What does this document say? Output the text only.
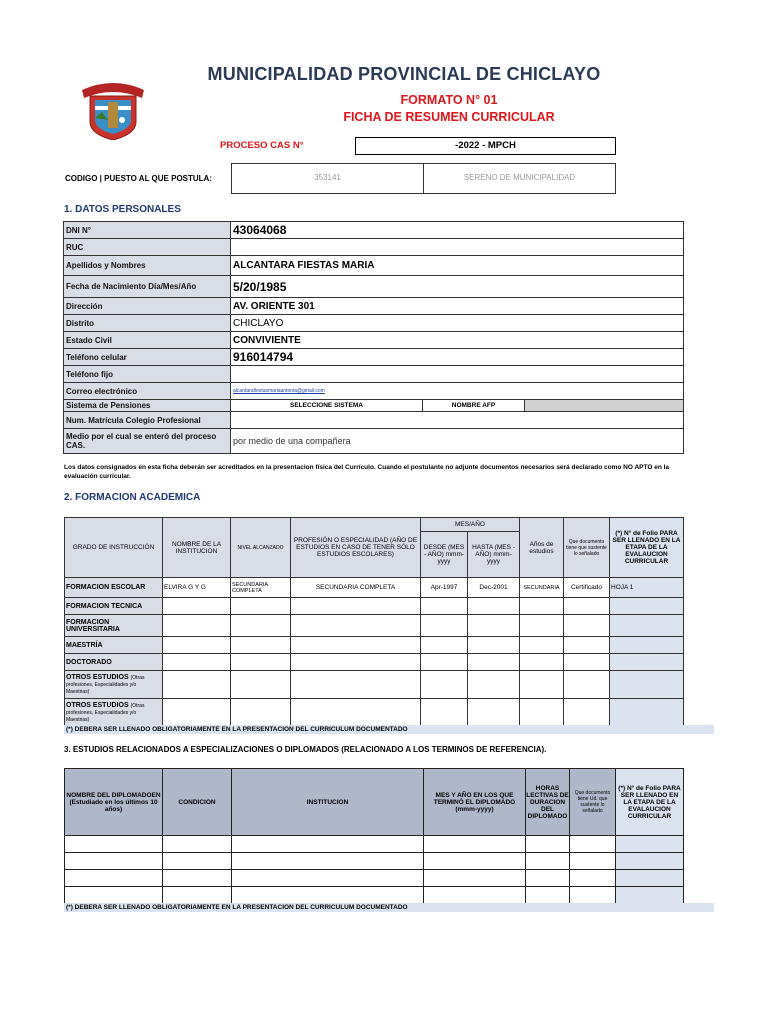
MUNICIPALIDAD PROVINCIAL DE CHICLAYO
FORMATO N° 01
FICHA DE RESUMEN CURRICULAR
PROCESO CAS N°	-2022 - MPCH
CODIGO | PUESTO AL QUE POSTULA:	353141	SERENO DE MUNICIPALIDAD
1. DATOS PERSONALES
DNI N°	43064068		
RUC			
Apellidos y Nombres	ALCANTARA FIESTAS MARIA		
Fecha de Nacimiento Día/Mes/Año	5/20/1985		
Dirección	AV. ORIENTE 301		
Distrito	CHICLAYO		
Estado Civil	CONVIVIENTE		
Teléfono celular	916014794		
Teléfono fijo			
Correo electrónico	alcantarafiestasmariaantonia@gmail.com		
Sistema de Pensiones	SELECCIONE SISTEMA	NOMBRE AFP	
Num. Matrícula Colegio Profesional			
Medio por el cual se enteró del proceso CAS.	por medio de una compañera		
Los datos consignados en esta ficha deberán ser acreditados en la presentacion física del Currículo. Cuando el postulante no adjunte documentos necesarios será declarado como NO APTO en la evaluación curricular.
2. FORMACION ACADEMICA
GRADO DE INSTRUCCIÓN	NOMBRE DE LA INSTITUCION	NIVEL ALCANZADO	PROFESIÓN O ESPECIALIDAD (AÑO DE ESTUDIOS EN CASO DE TENER SÓLO ESTUDIOS ESCOLARES)	MES/AÑO		Años de estudios	Que documento tiene que sustente lo señalado	(*) N° de Folio PARA SER LLENADO EN LA ETAPA DE LA EVALAUCION CURRICULAR
				DESDE (MES - AÑO) mmm-yyyy	HASTA (MES - AÑO) mmm-yyyy			
FORMACION ESCOLAR	ELVIRA G Y G	SECUNDARIA COMPLETA	SECUNDARIA COMPLETA	Apr-1997	Dec-2001	SECUNDARIA	Certificado	HOJA 1
FORMACION TECNICA								
FORMACION UNIVERSITARIA								
MAESTRÍA								
DOCTORADO								
OTROS ESTUDIOS (Otras profesiones, Especialidades y/o Maestrias)								
OTROS ESTUDIOS (Otras profesiones, Especialidades y/o Maestrias)								
(*) DEBERA SER LLENADO OBLIGATORIAMENTE EN LA PRESENTACION DEL CURRICULUM DOCUMENTADO
3. ESTUDIOS RELACIONADOS A ESPECIALIZACIONES O DIPLOMADOS (RELACIONADO A LOS TERMINOS DE REFERENCIA).
NOMBRE DEL DIPLOMADOEN (Estudiado en los últimos 10 años)	CONDICION	INSTITUCION	MES Y AÑO EN LOS QUE TERMINÓ EL DIPLOMADO (mmm-yyyy)	HORAS LECTIVAS DE DURACION DEL DIPLOMADO	Que documento tiene Ud. que sustente lo señalado	(*) N° de Folio PARA SER LLENADO EN LA ETAPA DE LA EVALAUCION CURRICULAR

(*) DEBERA SER LLENADO OBLIGATORIAMENTE EN LA PRESENTACION DEL CURRICULUM DOCUMENTADO
